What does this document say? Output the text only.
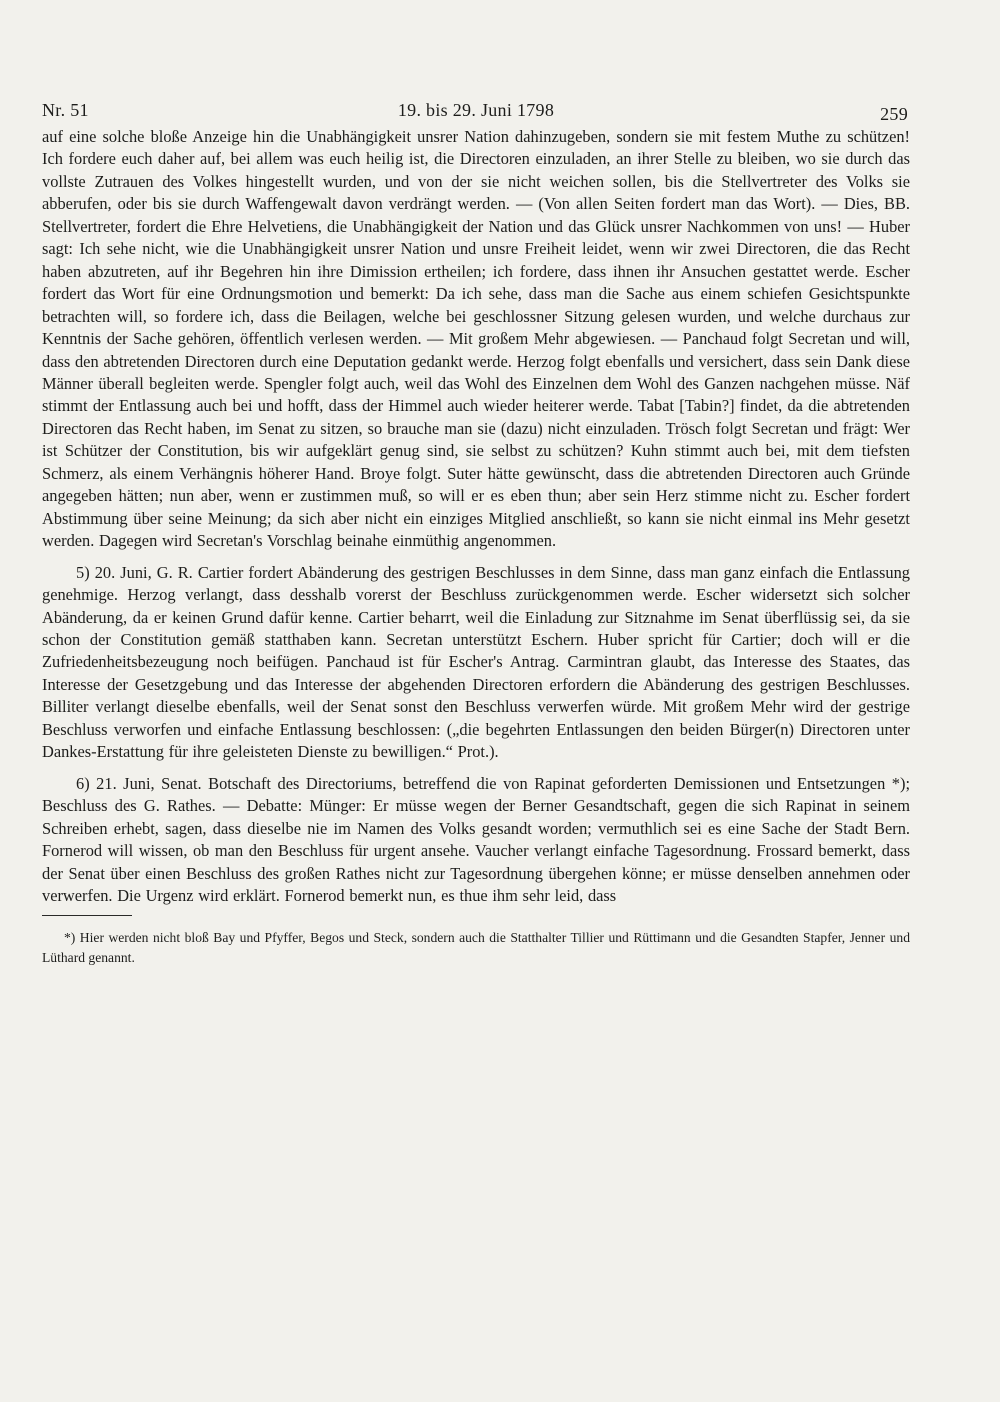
Nr. 51	19. bis 29. Juni 1798	259

auf eine solche bloße Anzeige hin die Unabhängigkeit unsrer Nation dahinzugeben, sondern sie mit festem Muthe zu schützen! Ich fordere euch daher auf, bei allem was euch heilig ist, die Directoren einzuladen, an ihrer Stelle zu bleiben, wo sie durch das vollste Zutrauen des Volkes hingestellt wurden, und von der sie nicht weichen sollen, bis die Stellvertreter des Volks sie abberufen, oder bis sie durch Waffengewalt davon verdrängt werden. — (Von allen Seiten fordert man das Wort). — Dies, BB. Stellvertreter, fordert die Ehre Helvetiens, die Unabhängigkeit der Nation und das Glück unsrer Nachkommen von uns! — Huber sagt: Ich sehe nicht, wie die Unabhängigkeit unsrer Nation und unsre Freiheit leidet, wenn wir zwei Directoren, die das Recht haben abzutreten, auf ihr Begehren hin ihre Dimission ertheilen; ich fordere, dass ihnen ihr Ansuchen gestattet werde. Escher fordert das Wort für eine Ordnungsmotion und bemerkt: Da ich sehe, dass man die Sache aus einem schiefen Gesichtspunkte betrachten will, so fordere ich, dass die Beilagen, welche bei geschlossner Sitzung gelesen wurden, und welche durchaus zur Kenntnis der Sache gehören, öffentlich verlesen werden. — Mit großem Mehr abgewiesen. — Panchaud folgt Secretan und will, dass den abtretenden Directoren durch eine Deputation gedankt werde. Herzog folgt ebenfalls und versichert, dass sein Dank diese Männer überall begleiten werde. Spengler folgt auch, weil das Wohl des Einzelnen dem Wohl des Ganzen nachgehen müsse. Näf stimmt der Entlassung auch bei und hofft, dass der Himmel auch wieder heiterer werde. Tabat [Tabin?] findet, da die abtretenden Directoren das Recht haben, im Senat zu sitzen, so brauche man sie (dazu) nicht einzuladen. Trösch folgt Secretan und frägt: Wer ist Schützer der Constitution, bis wir aufgeklärt genug sind, sie selbst zu schützen? Kuhn stimmt auch bei, mit dem tiefsten Schmerz, als einem Verhängnis höherer Hand. Broye folgt. Suter hätte gewünscht, dass die abtretenden Directoren auch Gründe angegeben hätten; nun aber, wenn er zustimmen muß, so will er es eben thun; aber sein Herz stimme nicht zu. Escher fordert Abstimmung über seine Meinung; da sich aber nicht ein einziges Mitglied anschließt, so kann sie nicht einmal ins Mehr gesetzt werden. Dagegen wird Secretan's Vorschlag beinahe einmüthig angenommen.

5) 20. Juni, G. R. Cartier fordert Abänderung des gestrigen Beschlusses in dem Sinne, dass man ganz einfach die Entlassung genehmige. Herzog verlangt, dass desshalb vorerst der Beschluss zurückgenommen werde. Escher widersetzt sich solcher Abänderung, da er keinen Grund dafür kenne. Cartier beharrt, weil die Einladung zur Sitznahme im Senat überflüssig sei, da sie schon der Constitution gemäß statthaben kann. Secretan unterstützt Eschern. Huber spricht für Cartier; doch will er die Zufriedenheitsbezeugung noch beifügen. Panchaud ist für Escher's Antrag. Carmintran glaubt, das Interesse des Staates, das Interesse der Gesetzgebung und das Interesse der abgehenden Directoren erfordern die Abänderung des gestrigen Beschlusses. Billiter verlangt dieselbe ebenfalls, weil der Senat sonst den Beschluss verwerfen würde. Mit großem Mehr wird der gestrige Beschluss verworfen und einfache Entlassung beschlossen: („die begehrten Entlassungen den beiden Bürger(n) Directoren unter Dankes-Erstattung für ihre geleisteten Dienste zu bewilligen.“ Prot.).

6) 21. Juni, Senat. Botschaft des Directoriums, betreffend die von Rapinat geforderten Demissionen und Entsetzungen *); Beschluss des G. Rathes. — Debatte: Münger: Er müsse wegen der Berner Gesandtschaft, gegen die sich Rapinat in seinem Schreiben erhebt, sagen, dass dieselbe nie im Namen des Volks gesandt worden; vermuthlich sei es eine Sache der Stadt Bern. Fornerod will wissen, ob man den Beschluss für urgent ansehe. Vaucher verlangt einfache Tagesordnung. Frossard bemerkt, dass der Senat über einen Beschluss des großen Rathes nicht zur Tagesordnung übergehen könne; er müsse denselben annehmen oder verwerfen. Die Urgenz wird erklärt. Fornerod bemerkt nun, es thue ihm sehr leid, dass

*) Hier werden nicht bloß Bay und Pfyffer, Begos und Steck, sondern auch die Statthalter Tillier und Rüttimann und die Gesandten Stapfer, Jenner und Lüthard genannt.
